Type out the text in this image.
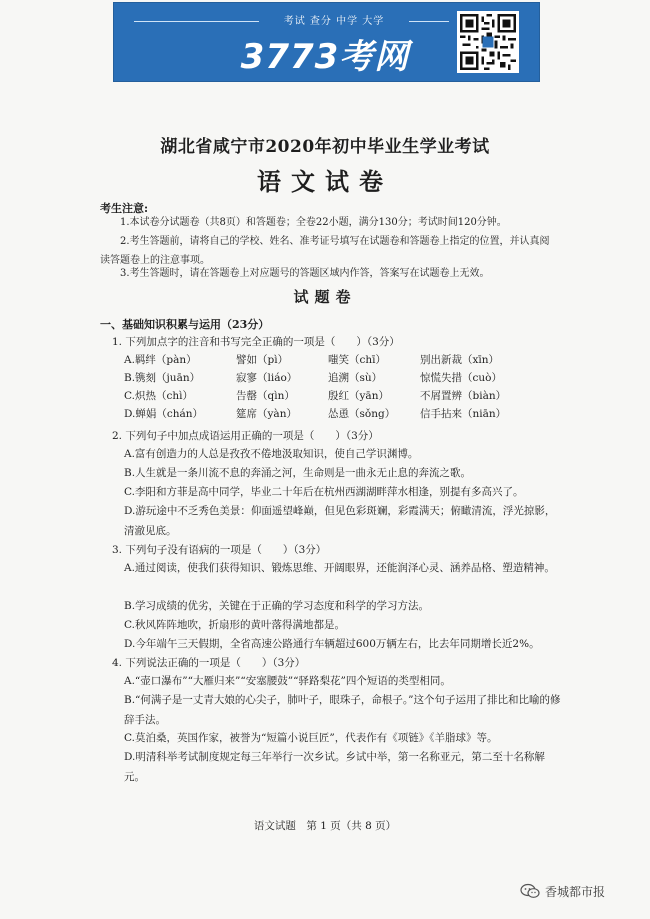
考试 查分 中学 大学
3773考网
湖北省咸宁市2020年初中毕业生学业考试
语文试卷
考生注意:
1.本试卷分试题卷（共8页）和答题卷；全卷22小题，满分130分；考试时间120分钟。
2.考生答题前，请将自己的学校、姓名、准考证号填写在试题卷和答题卷上指定的位置，并认真阅读答题卷上的注意事项。
3.考生答题时，请在答题卷上对应题号的答题区域内作答，答案写在试题卷上无效。
试题卷
一、基础知识积累与运用（23分）
1. 下列加点字的注音和书写完全正确的一项是（　　）（3分）
A.羁绊（pàn）	譬如（pì）	嗤笑（chī）	别出新裁（xīn）
B.镌刻（juān）	寂寥（liáo）	追溯（sù）	惊慌失措（cuò）
C.炽热（chì）	告罄（qìn）	殷红（yān）	不屑置辨（biàn）
D.蝉娟（chán）	筵席（yàn）	怂恿（sǒng） 信手拈来（niān）
2. 下列句子中加点成语运用正确的一项是（　　）（3分）
A.富有创造力的人总是孜孜不倦地汲取知识，使自己学识渊博。
B.人生就是一条川流不息的奔涌之河，生命则是一曲永无止息的奔流之歌。
C.李阳和方菲是高中同学，毕业二十年后在杭州西湖湖畔萍水相逢，别提有多高兴了。
D.游玩途中不乏秀色美景：仰面遥望峰巅，但见色彩斑斓，彩霞满天；俯瞰清流，浮光掠影，清澈见底。
3. 下列句子没有语病的一项是（　　）（3分）
A.通过阅读，使我们获得知识、锻炼思维、开阔眼界，还能润泽心灵、涵养品格、塑造精神。
B.学习成绩的优劣，关键在于正确的学习态度和科学的学习方法。
C.秋风阵阵地吹，折扇形的黄叶落得满地都是。
D.今年端午三天假期，全省高速公路通行车辆超过600万辆左右，比去年同期增长近2%。
4. 下列说法正确的一项是（　　）（3分）
A.“壶口瀑布”“大雁归来”“安塞腰鼓”“驿路梨花”四个短语的类型相同。
B.“何满子是一丈青大娘的心尖子，肺叶子，眼珠子，命根子。”这个句子运用了排比和比喻的修辞手法。
C.莫泊桑，英国作家，被誉为“短篇小说巨匠”，代表作有《项链》《羊脂球》等。
D.明清科举考试制度规定每三年举行一次乡试。乡试中举，第一名称亚元，第二至十名称解元。
语文试题　第 1 页（共 8 页）
香城都市报
